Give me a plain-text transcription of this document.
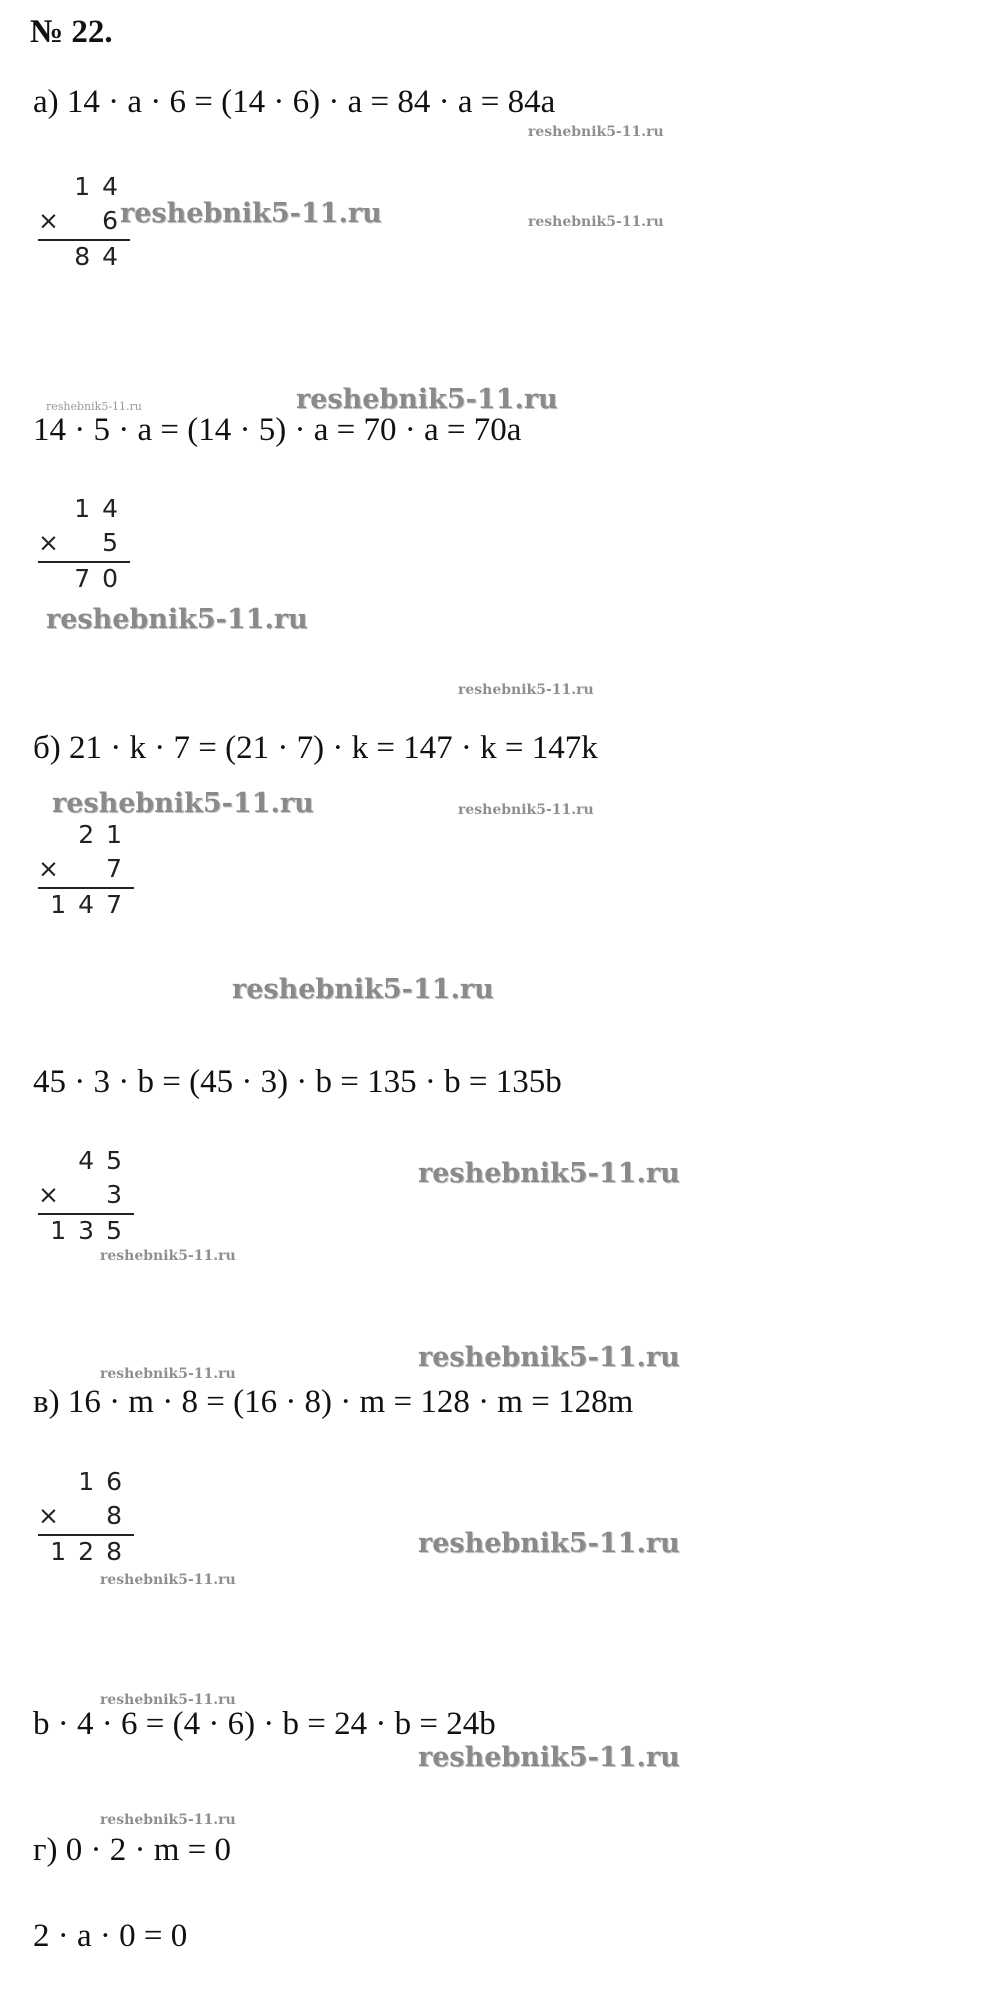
№ 22.
а) 14 · a · 6 = (14 · 6) · a = 84 · a = 84a
14
× 6
84
14 · 5 · a = (14 · 5) · a = 70 · a = 70a
14
× 5
70
б) 21 · k · 7 = (21 · 7) · k = 147 · k = 147k
21
× 7
147
45 · 3 · b = (45 · 3) · b = 135 · b = 135b
45
× 3
135
в) 16 · m · 8 = (16 · 8) · m = 128 · m = 128m
16
× 8
128
b · 4 · 6 = (4 · 6) · b = 24 · b = 24b
г) 0 · 2 · m = 0
2 · a · 0 = 0
reshebnik5-11.ru
reshebnik5-11.ru	reshebnik5-11.ru
reshebnik5-11.ru	reshebnik5-11.ru
reshebnik5-11.ru
reshebnik5-11.ru
reshebnik5-11.ru	reshebnik5-11.ru
reshebnik5-11.ru
reshebnik5-11.ru
reshebnik5-11.ru
reshebnik5-11.ru
reshebnik5-11.ru
reshebnik5-11.ru
reshebnik5-11.ru
reshebnik5-11.ru
reshebnik5-11.ru
reshebnik5-11.ru
